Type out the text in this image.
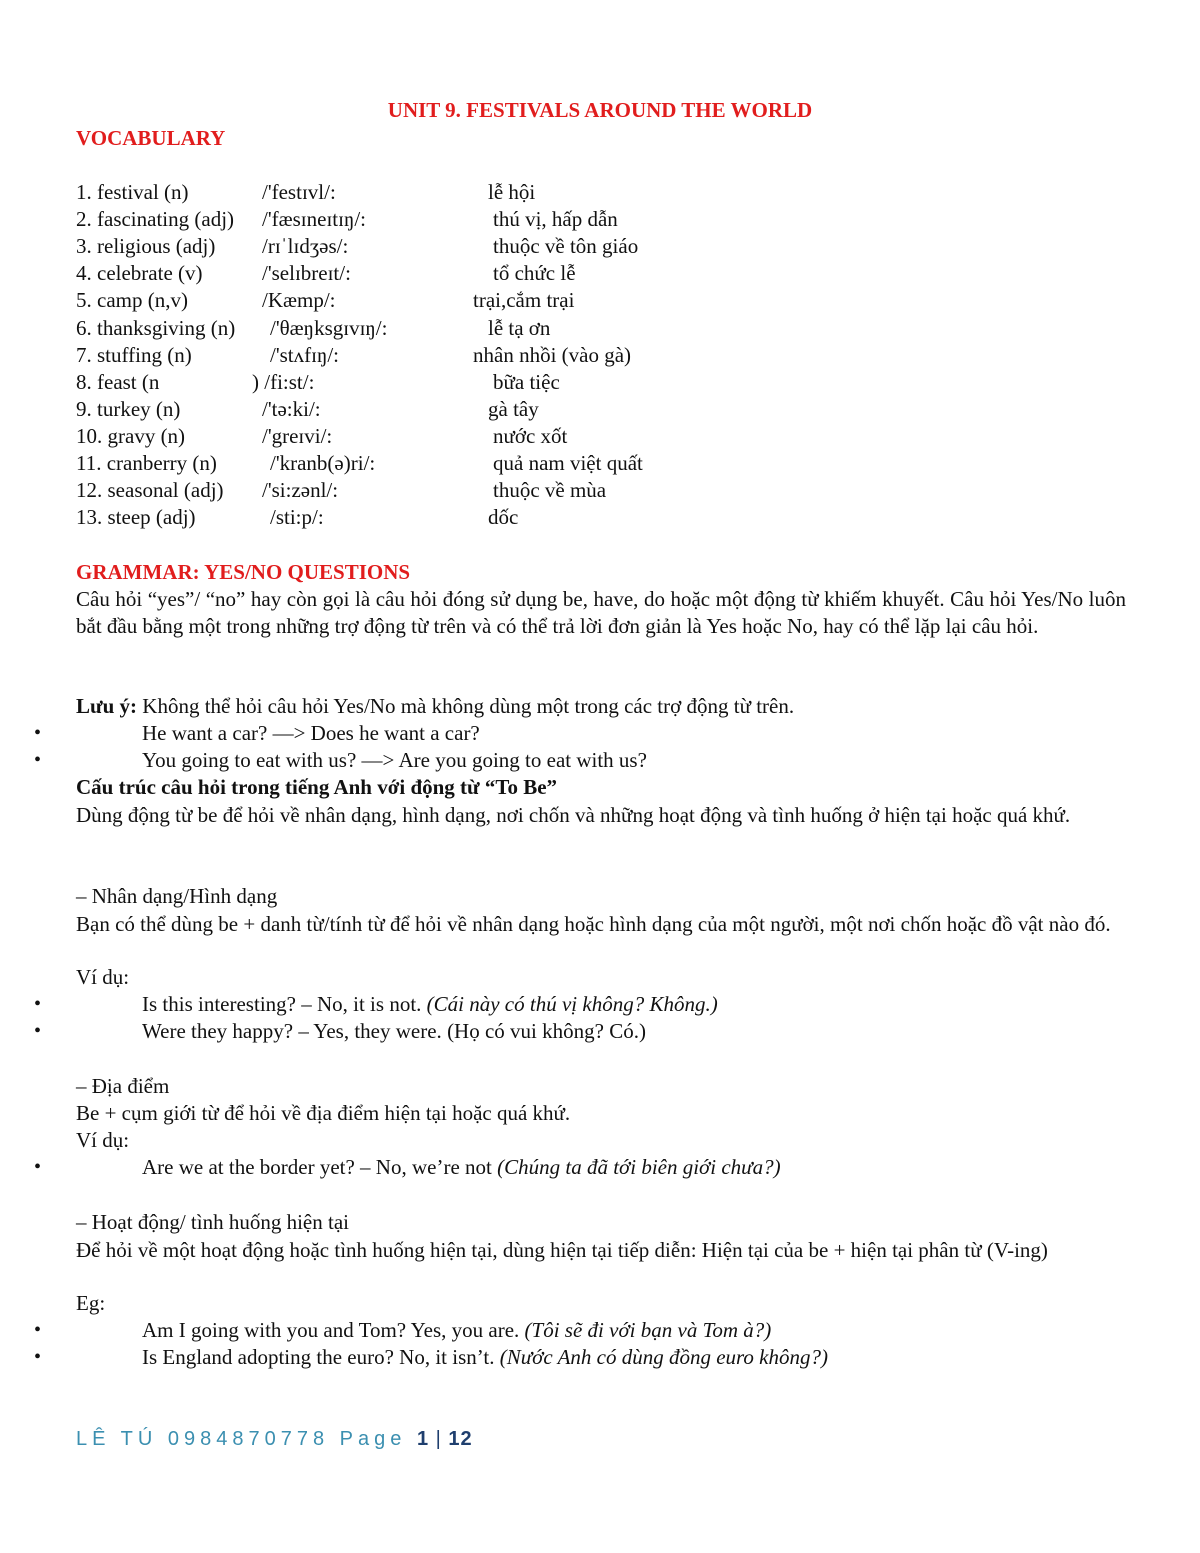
UNIT 9. FESTIVALS AROUND THE WORLD
VOCABULARY
1. festival (n)	/'festɪvl/:	lễ hội
2. fascinating (adj) /'fæsɪneɪtɪŋ/:	thú vị, hấp dẫn
3. religious (adj) /rɪˈlɪdʒəs/:	thuộc về tôn giáo
4. celebrate (v)	/'selɪbreɪt/:	tổ chức lễ
5. camp (n,v)	/Kæmp/:	trại,cắm trại
6. thanksgiving (n) /'θæŋksgɪvɪŋ/:	lễ tạ ơn
7. stuffing (n)	/'stʌfɪŋ/:	nhân nhồi (vào gà)
8. feast (n	) /fi:st/:	bữa tiệc
9. turkey (n)	/'tə:ki/:	gà tây
10. gravy (n)	/'greɪvi/:	nước xốt
11. cranberry (n)	/'kranb(ə)ri/:	quả nam việt quất
12. seasonal (adj) /'si:zənl/:	thuộc về mùa
13. steep (adj)	/sti:p/:	dốc
GRAMMAR: YES/NO QUESTIONS
Câu hỏi “yes”/ “no” hay còn gọi là câu hỏi đóng sử dụng be, have, do hoặc một động từ khiếm khuyết. Câu hỏi Yes/No luôn bắt đầu bằng một trong những trợ động từ trên và có thể trả lời đơn giản là Yes hoặc No, hay có thể lặp lại câu hỏi.
Lưu ý: Không thể hỏi câu hỏi Yes/No mà không dùng một trong các trợ động từ trên.
•	He want a car? —> Does he want a car?
•	You going to eat with us? —> Are you going to eat with us?
Cấu trúc câu hỏi trong tiếng Anh với động từ “To Be”
Dùng động từ be để hỏi về nhân dạng, hình dạng, nơi chốn và những hoạt động và tình huống ở hiện tại hoặc quá khứ.
– Nhân dạng/Hình dạng
Bạn có thể dùng be + danh từ/tính từ để hỏi về nhân dạng hoặc hình dạng của một người, một nơi chốn hoặc đồ vật nào đó.
Ví dụ:
•	Is this interesting? – No, it is not. (Cái này có thú vị không? Không.)
•	Were they happy? – Yes, they were. (Họ có vui không? Có.)
– Địa điểm
Be + cụm giới từ để hỏi về địa điểm hiện tại hoặc quá khứ.
Ví dụ:
•	Are we at the border yet? – No, we’re not (Chúng ta đã tới biên giới chưa?)
– Hoạt động/ tình huống hiện tại
Để hỏi về một hoạt động hoặc tình huống hiện tại, dùng hiện tại tiếp diễn: Hiện tại của be + hiện tại phân từ (V-ing)
Eg:
•	Am I going with you and Tom? Yes, you are. (Tôi sẽ đi với bạn và Tom à?)
•	Is England adopting the euro? No, it isn’t. (Nước Anh có dùng đồng euro không?)
LÊ TÚ 0984870778 Page 1 | 12
